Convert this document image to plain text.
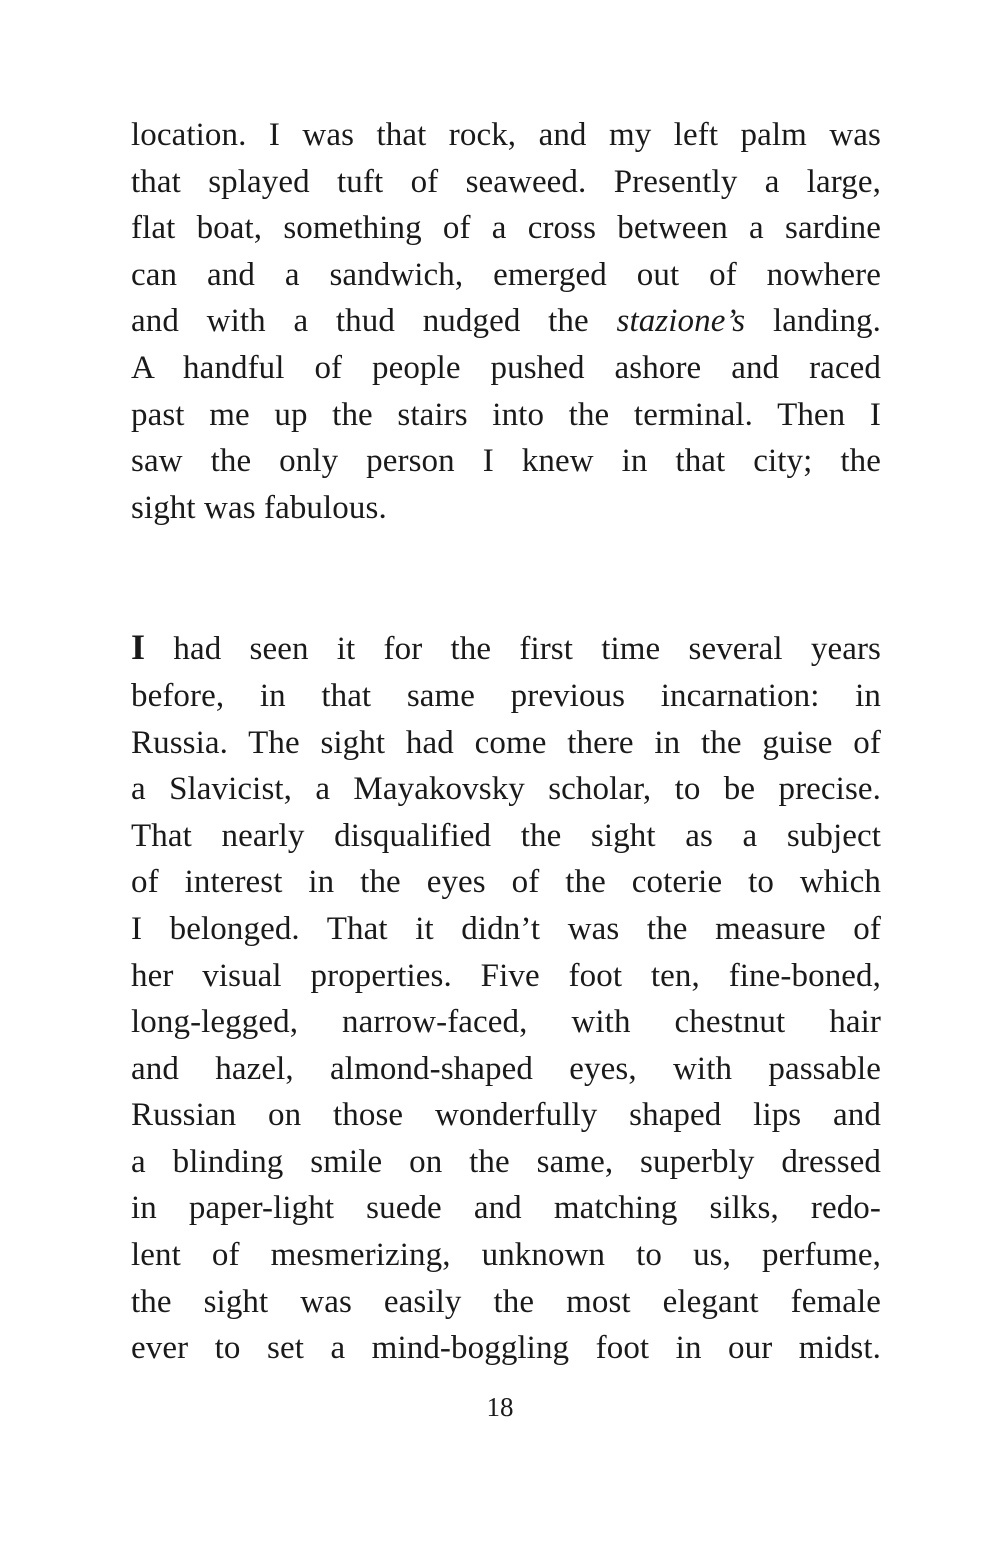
location. I was that rock, and my left palm was

that splayed tuft of seaweed. Presently a large,

flat boat, something of a cross between a sardine

can and a sandwich, emerged out of nowhere

and with a thud nudged the stazione’s landing.

A handful of people pushed ashore and raced

past me up the stairs into the terminal. Then I

saw the only person I knew in that city; the

sight was fabulous.

I had seen it for the first time several years

before, in that same previous incarnation: in

Russia. The sight had come there in the guise of

a Slavicist, a Mayakovsky scholar, to be precise.

That nearly disqualified the sight as a subject

of interest in the eyes of the coterie to which

I belonged. That it didn’t was the measure of

her visual properties. Five foot ten, fine-boned,

long-legged, narrow-faced, with chestnut hair

and hazel, almond-shaped eyes, with passable

Russian on those wonderfully shaped lips and

a blinding smile on the same, superbly dressed

in paper-light suede and matching silks, redo-

lent of mesmerizing, unknown to us, perfume,

the sight was easily the most elegant female

ever to set a mind-boggling foot in our midst.

18
